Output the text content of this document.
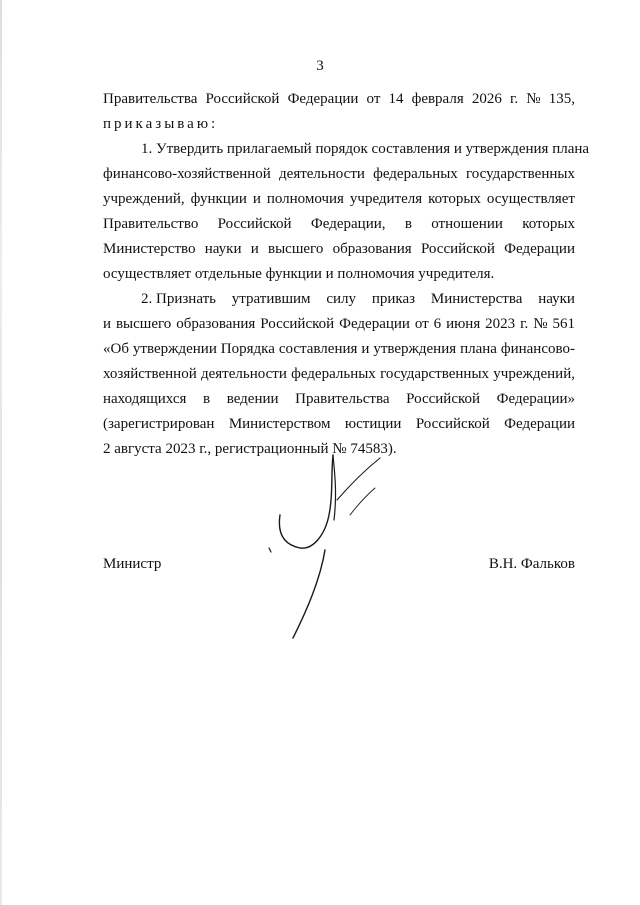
3
Правительства Российской Федерации от 14 февраля 2026 г. № 135,
приказываю:
1. Утвердить прилагаемый порядок составления и утверждения плана
финансово-хозяйственной деятельности федеральных государственных
учреждений, функции и полномочия учредителя которых осуществляет
Правительство Российской Федерации, в отношении которых
Министерство науки и высшего образования Российской Федерации
осуществляет отдельные функции и полномочия учредителя.
2. Признать утратившим силу приказ Министерства науки
и высшего образования Российской Федерации от 6 июня 2023 г. № 561
«Об утверждении Порядка составления и утверждения плана финансово-
хозяйственной деятельности федеральных государственных учреждений,
находящихся в ведении Правительства Российской Федерации»
(зарегистрирован Министерством юстиции Российской Федерации
2 августа 2023 г., регистрационный № 74583).
Министр	В.Н. Фальков
